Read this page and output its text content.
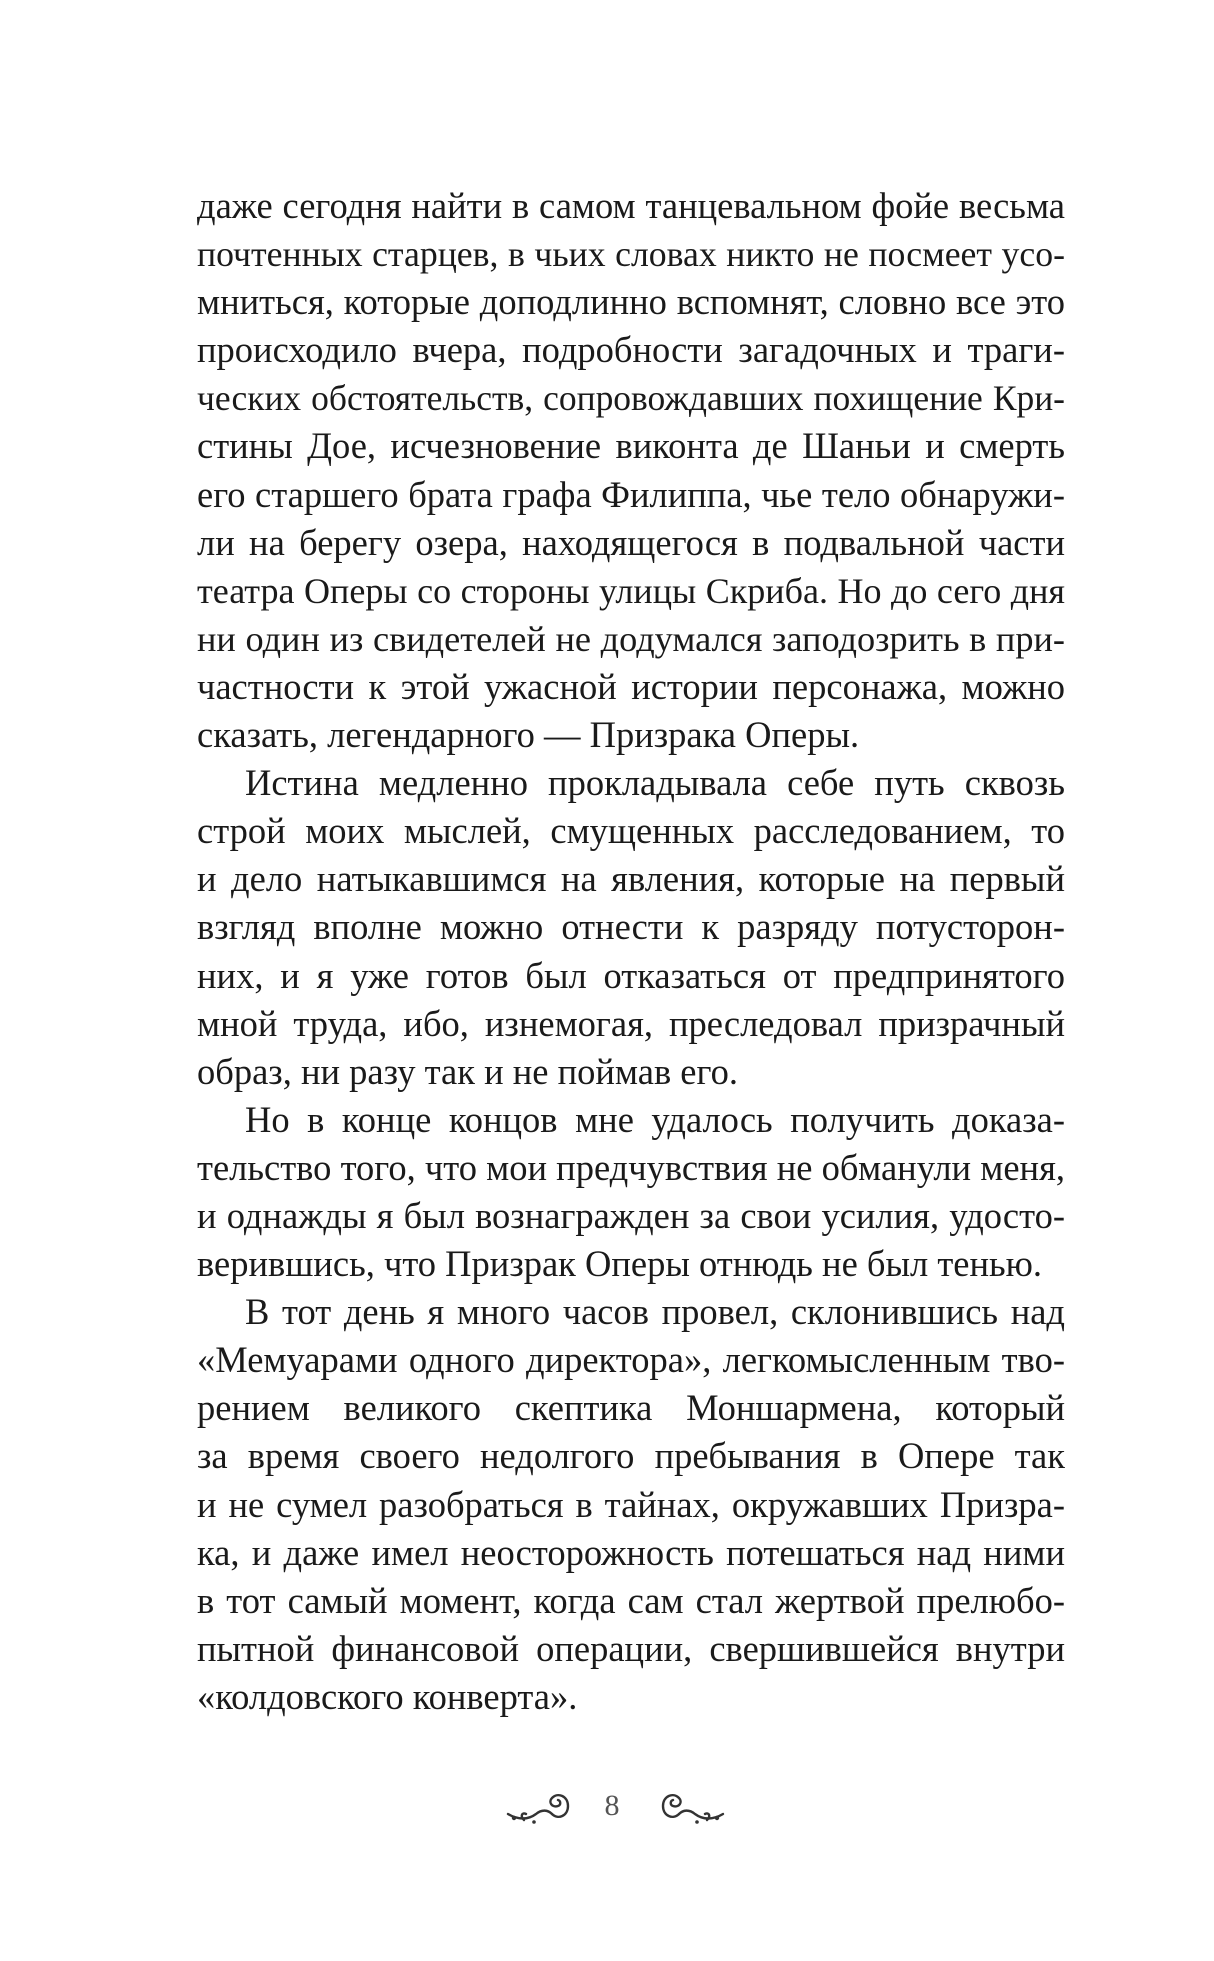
даже сегодня найти в самом танцевальном фойе весьма
почтенных старцев, в чьих словах никто не посмеет усо-
мниться, которые доподлинно вспомнят, словно все это
происходило вчера, подробности загадочных и траги-
ческих обстоятельств, сопровождавших похищение Кри-
стины Дое, исчезновение виконта де Шаньи и смерть
его старшего брата графа Филиппа, чье тело обнаружи-
ли на берегу озера, находящегося в подвальной части
театра Оперы со стороны улицы Скриба. Но до сего дня
ни один из свидетелей не додумался заподозрить в при-
частности к этой ужасной истории персонажа, можно
сказать, легендарного — Призрака Оперы.
Истина медленно прокладывала себе путь сквозь
строй моих мыслей, смущенных расследованием, то
и дело натыкавшимся на явления, которые на первый
взгляд вполне можно отнести к разряду потусторон-
них, и я уже готов был отказаться от предпринятого
мной труда, ибо, изнемогая, преследовал призрачный
образ, ни разу так и не поймав его.
Но в конце концов мне удалось получить доказа-
тельство того, что мои предчувствия не обманули меня,
и однажды я был вознагражден за свои усилия, удосто-
верившись, что Призрак Оперы отнюдь не был тенью.
В тот день я много часов провел, склонившись над
«Мемуарами одного директора», легкомысленным тво-
рением великого скептика Моншармена, который
за время своего недолгого пребывания в Опере так
и не сумел разобраться в тайнах, окружавших Призра-
ка, и даже имел неосторожность потешаться над ними
в тот самый момент, когда сам стал жертвой прелюбо-
пытной финансовой операции, свершившейся внутри
«колдовского конверта».
8
